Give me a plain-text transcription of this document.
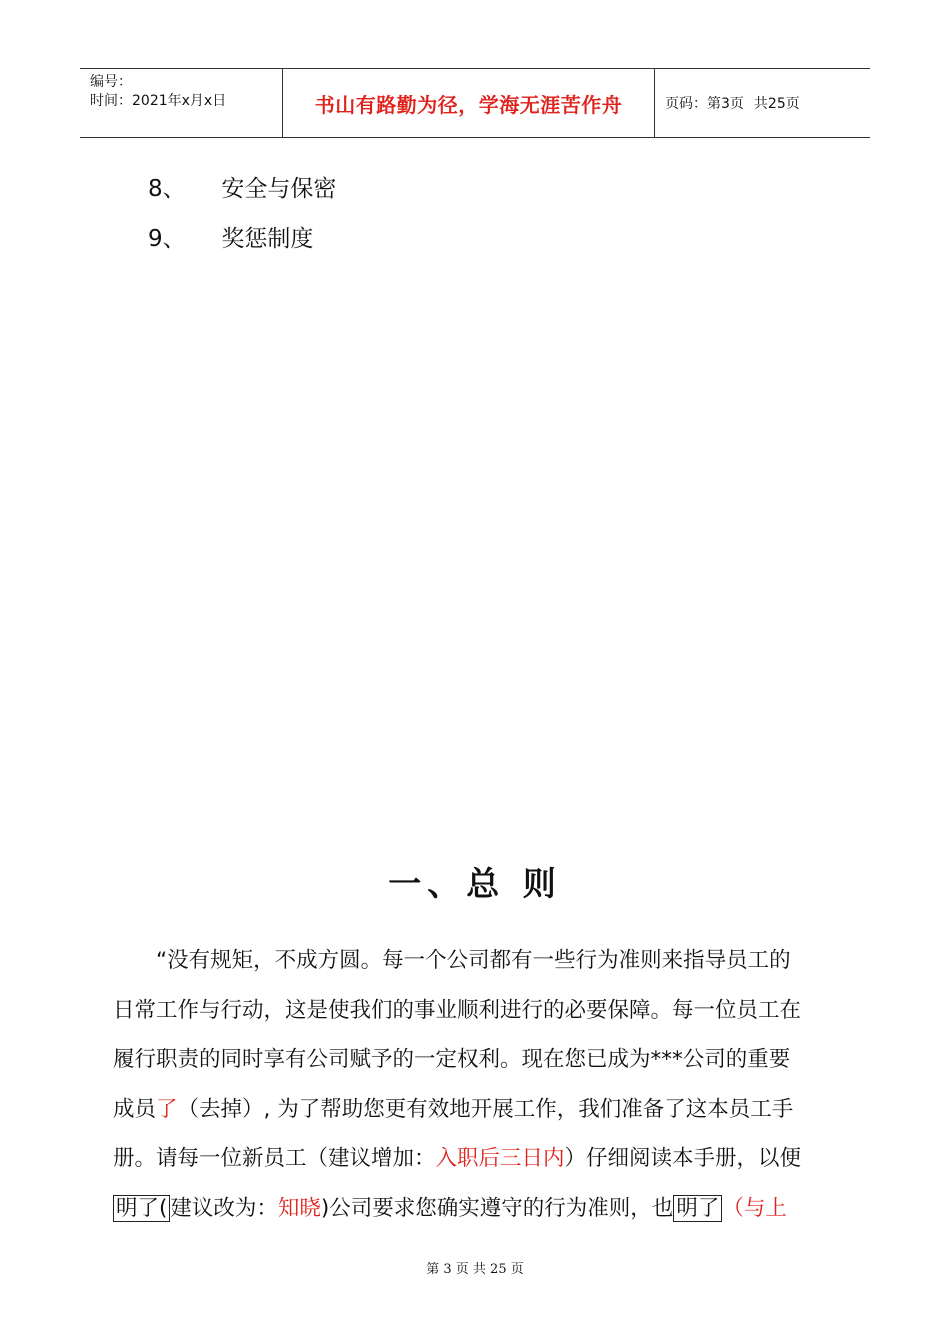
编号：
时间：2021年x月x日	书山有路勤为径，学海无涯苦作舟	页码：第3页 共25页
8、 安全与保密
9、 奖惩制度
一、总 则
“没有规矩，不成方圆。每一个公司都有一些行为准则来指导员工的
日常工作与行动，这是使我们的事业顺利进行的必要保障。每一位员工在
履行职责的同时享有公司赋予的一定权利。现在您已成为***公司的重要
成员了（去掉）, 为了帮助您更有效地开展工作，我们准备了这本员工手
册。请每一位新员工（建议增加：入职后三日内）仔细阅读本手册，以便
明了( 建议改为：知晓)公司要求您确实遵守的行为准则，也 明了 （与上
第 3 页 共 25 页
